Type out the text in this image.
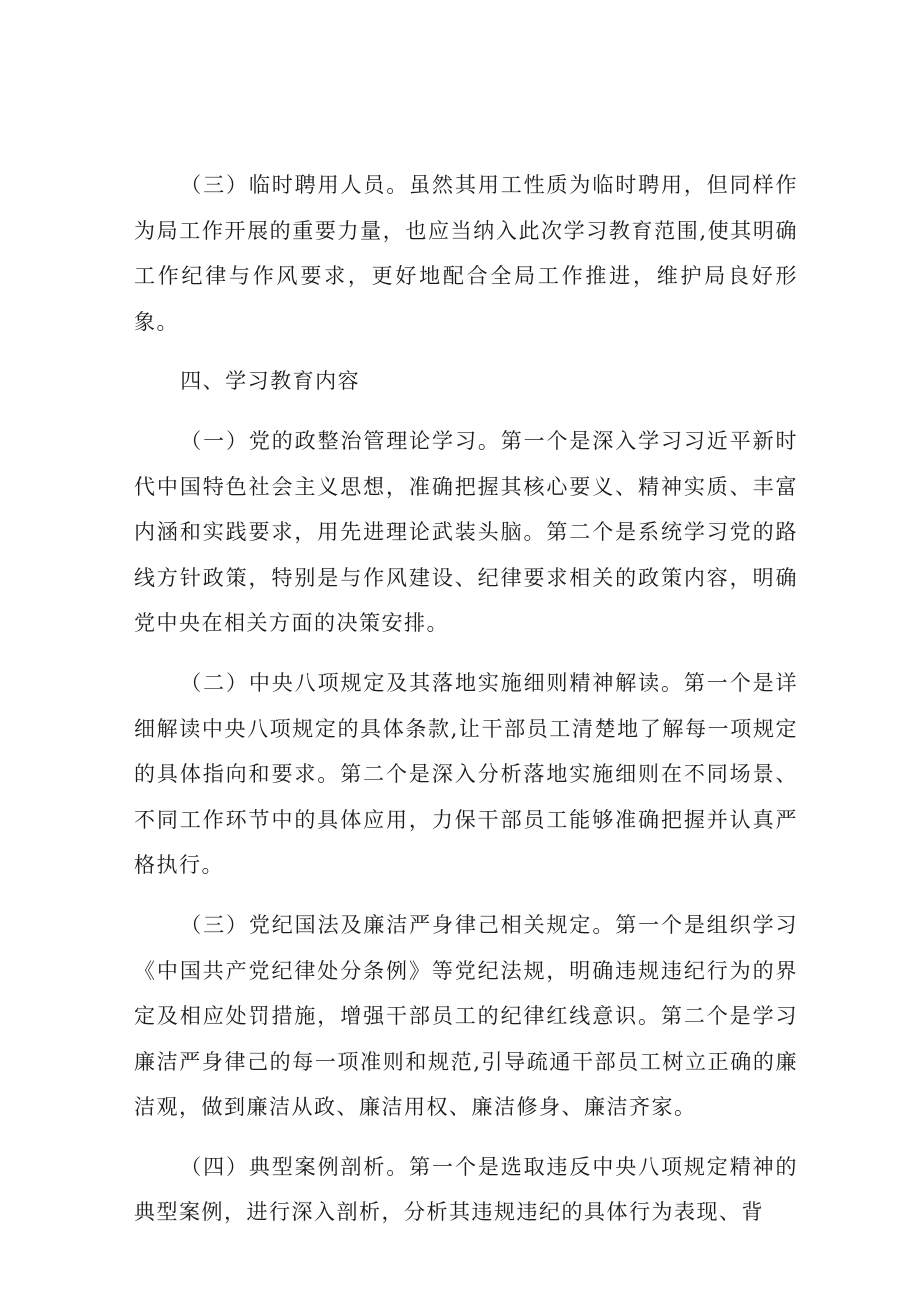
（三）临时聘用人员。虽然其用工性质为临时聘用，但同样作为局工作开展的重要力量，也应当纳入此次学习教育范围,使其明确工作纪律与作风要求，更好地配合全局工作推进，维护局良好形象。

四、学习教育内容

（一）党的政整治管理论学习。第一个是深入学习习近平新时代中国特色社会主义思想，准确把握其核心要义、精神实质、丰富内涵和实践要求，用先进理论武装头脑。第二个是系统学习党的路线方针政策，特别是与作风建设、纪律要求相关的政策内容，明确党中央在相关方面的决策安排。

（二）中央八项规定及其落地实施细则精神解读。第一个是详细解读中央八项规定的具体条款,让干部员工清楚地了解每一项规定的具体指向和要求。第二个是深入分析落地实施细则在不同场景、不同工作环节中的具体应用，力保干部员工能够准确把握并认真严格执行。

（三）党纪国法及廉洁严身律己相关规定。第一个是组织学习《中国共产党纪律处分条例》等党纪法规，明确违规违纪行为的界定及相应处罚措施，增强干部员工的纪律红线意识。第二个是学习廉洁严身律己的每一项准则和规范,引导疏通干部员工树立正确的廉洁观，做到廉洁从政、廉洁用权、廉洁修身、廉洁齐家。

（四）典型案例剖析。第一个是选取违反中央八项规定精神的典型案例，进行深入剖析，分析其违规违纪的具体行为表现、背
